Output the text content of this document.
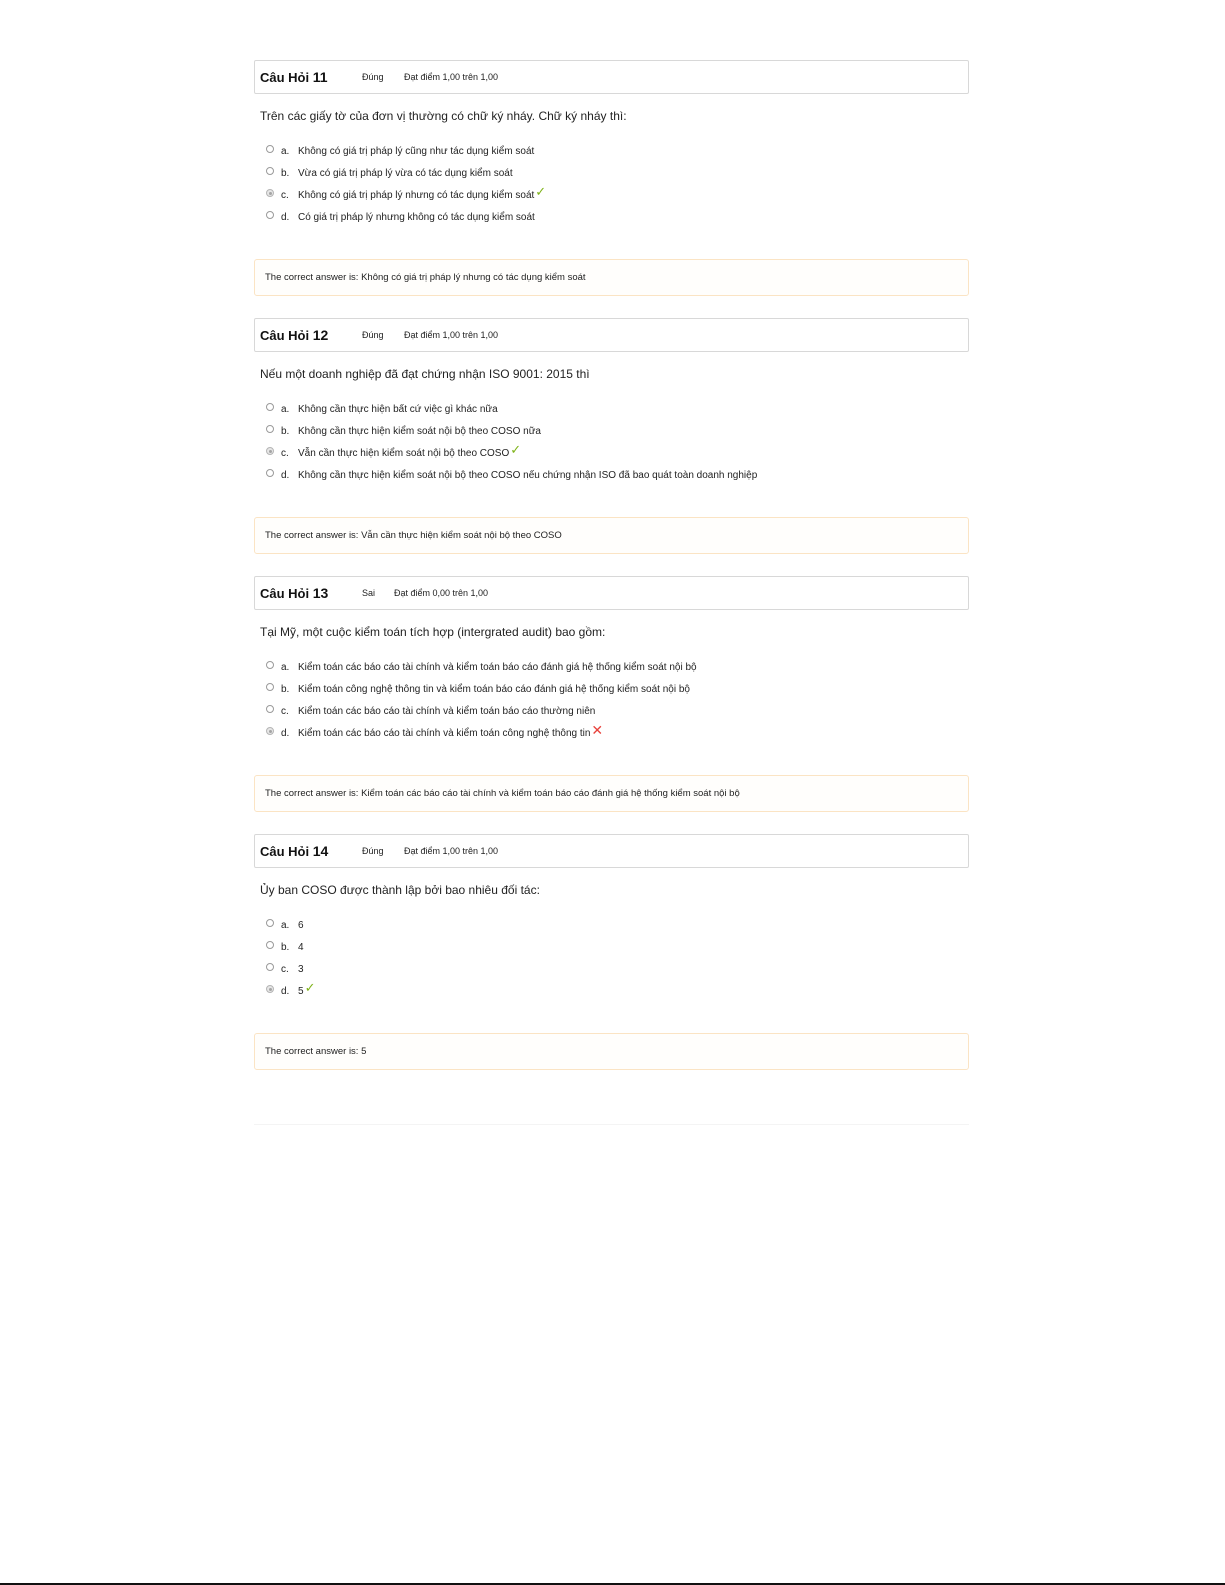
Câu Hỏi 11	Đúng	Đạt điểm 1,00 trên 1,00
Trên các giấy tờ của đơn vị thường có chữ ký nháy. Chữ ký nháy thì:
a. Không có giá trị pháp lý cũng như tác dụng kiểm soát
b. Vừa có giá trị pháp lý vừa có tác dụng kiểm soát
c. Không có giá trị pháp lý nhưng có tác dụng kiểm soát ✓
d. Có giá trị pháp lý nhưng không có tác dụng kiểm soát
The correct answer is: Không có giá trị pháp lý nhưng có tác dụng kiểm soát
Câu Hỏi 12	Đúng	Đạt điểm 1,00 trên 1,00
Nếu một doanh nghiệp đã đạt chứng nhận ISO 9001: 2015 thì
a. Không cần thực hiện bất cứ việc gì khác nữa
b. Không cần thực hiện kiểm soát nội bộ theo COSO nữa
c. Vẫn cần thực hiện kiểm soát nội bộ theo COSO ✓
d. Không cần thực hiện kiểm soát nội bộ theo COSO nếu chứng nhận ISO đã bao quát toàn doanh nghiệp
The correct answer is: Vẫn cần thực hiện kiểm soát nội bộ theo COSO
Câu Hỏi 13	Sai	Đạt điểm 0,00 trên 1,00
Tại Mỹ, một cuộc kiểm toán tích hợp (intergrated audit) bao gồm:
a. Kiểm toán các báo cáo tài chính và kiểm toán báo cáo đánh giá hệ thống kiểm soát nội bộ
b. Kiểm toán công nghệ thông tin và kiểm toán báo cáo đánh giá hệ thống kiểm soát nội bộ
c. Kiểm toán các báo cáo tài chính và kiểm toán báo cáo thường niên
d. Kiểm toán các báo cáo tài chính và kiểm toán công nghệ thông tin ✕
The correct answer is: Kiểm toán các báo cáo tài chính và kiểm toán báo cáo đánh giá hệ thống kiểm soát nội bộ
Câu Hỏi 14	Đúng	Đạt điểm 1,00 trên 1,00
Ủy ban COSO được thành lập bởi bao nhiêu đối tác:
a. 6
b. 4
c. 3
d. 5 ✓
The correct answer is: 5
